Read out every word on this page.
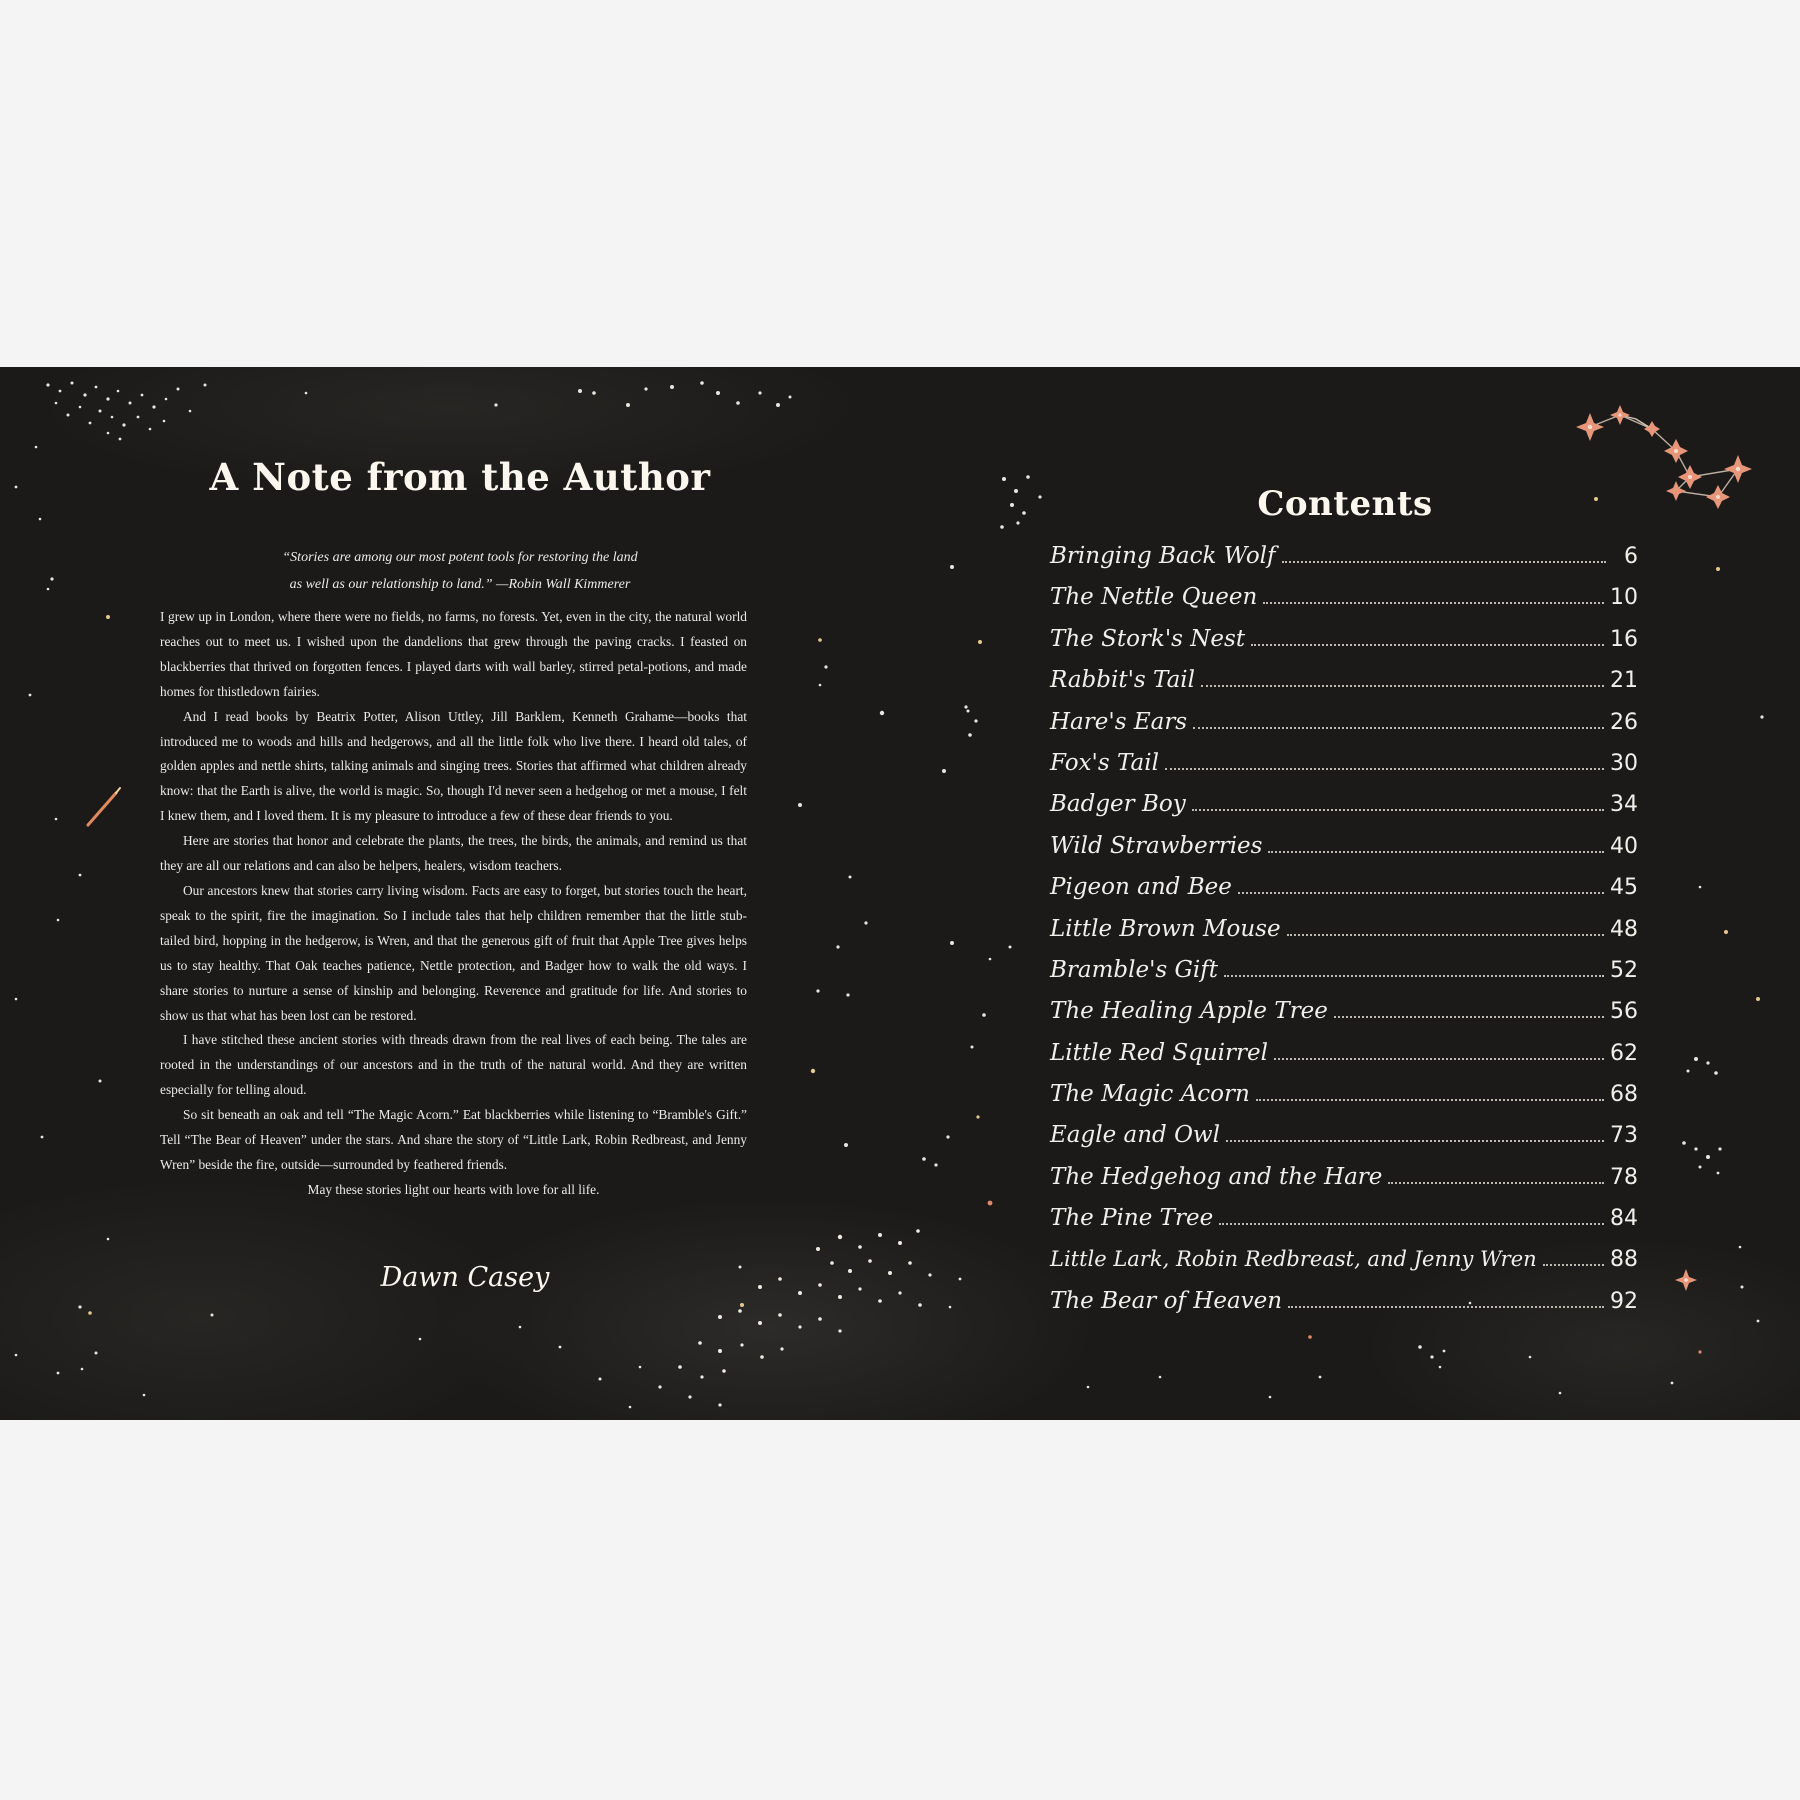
A Note from the Author
“Stories are among our most potent tools for restoring the land
as well as our relationship to land.” —Robin Wall Kimmerer

I grew up in London, where there were no fields, no farms, no forests. Yet, even in the city, the natural world reaches out to meet us. I wished upon the dandelions that grew through the paving cracks. I feasted on blackberries that thrived on forgotten fences. I played darts with wall barley, stirred petal-potions, and made homes for thistledown fairies.

And I read books by Beatrix Potter, Alison Uttley, Jill Barklem, Kenneth Grahame—books that introduced me to woods and hills and hedgerows, and all the little folk who live there. I heard old tales, of golden apples and nettle shirts, talking animals and singing trees. Stories that affirmed what children already know: that the Earth is alive, the world is magic. So, though I'd never seen a hedgehog or met a mouse, I felt I knew them, and I loved them. It is my pleasure to introduce a few of these dear friends to you.

Here are stories that honor and celebrate the plants, the trees, the birds, the animals, and remind us that they are all our relations and can also be helpers, healers, wisdom teachers.

Our ancestors knew that stories carry living wisdom. Facts are easy to forget, but stories touch the heart, speak to the spirit, fire the imagination. So I include tales that help children remember that the little stub-tailed bird, hopping in the hedgerow, is Wren, and that the generous gift of fruit that Apple Tree gives helps us to stay healthy. That Oak teaches patience, Nettle protection, and Badger how to walk the old ways. I share stories to nurture a sense of kinship and belonging. Reverence and gratitude for life. And stories to show us that what has been lost can be restored.

I have stitched these ancient stories with threads drawn from the real lives of each being. The tales are rooted in the understandings of our ancestors and in the truth of the natural world. And they are written especially for telling aloud.

So sit beneath an oak and tell “The Magic Acorn.” Eat blackberries while listening to “Bramble's Gift.” Tell “The Bear of Heaven” under the stars. And share the story of “Little Lark, Robin Redbreast, and Jenny Wren” beside the fire, outside—surrounded by feathered friends.

May these stories light our hearts with love for all life.

Dawn Casey
Contents
Bringing Back Wolf	6
The Nettle Queen	10
The Stork's Nest	16
Rabbit's Tail	21
Hare's Ears	26
Fox's Tail	30
Badger Boy	34
Wild Strawberries	40
Pigeon and Bee	45
Little Brown Mouse	48
Bramble's Gift	52
The Healing Apple Tree	56
Little Red Squirrel	62
The Magic Acorn	68
Eagle and Owl	73
The Hedgehog and the Hare	78
The Pine Tree	84
Little Lark, Robin Redbreast, and Jenny Wren	88
The Bear of Heaven	92
